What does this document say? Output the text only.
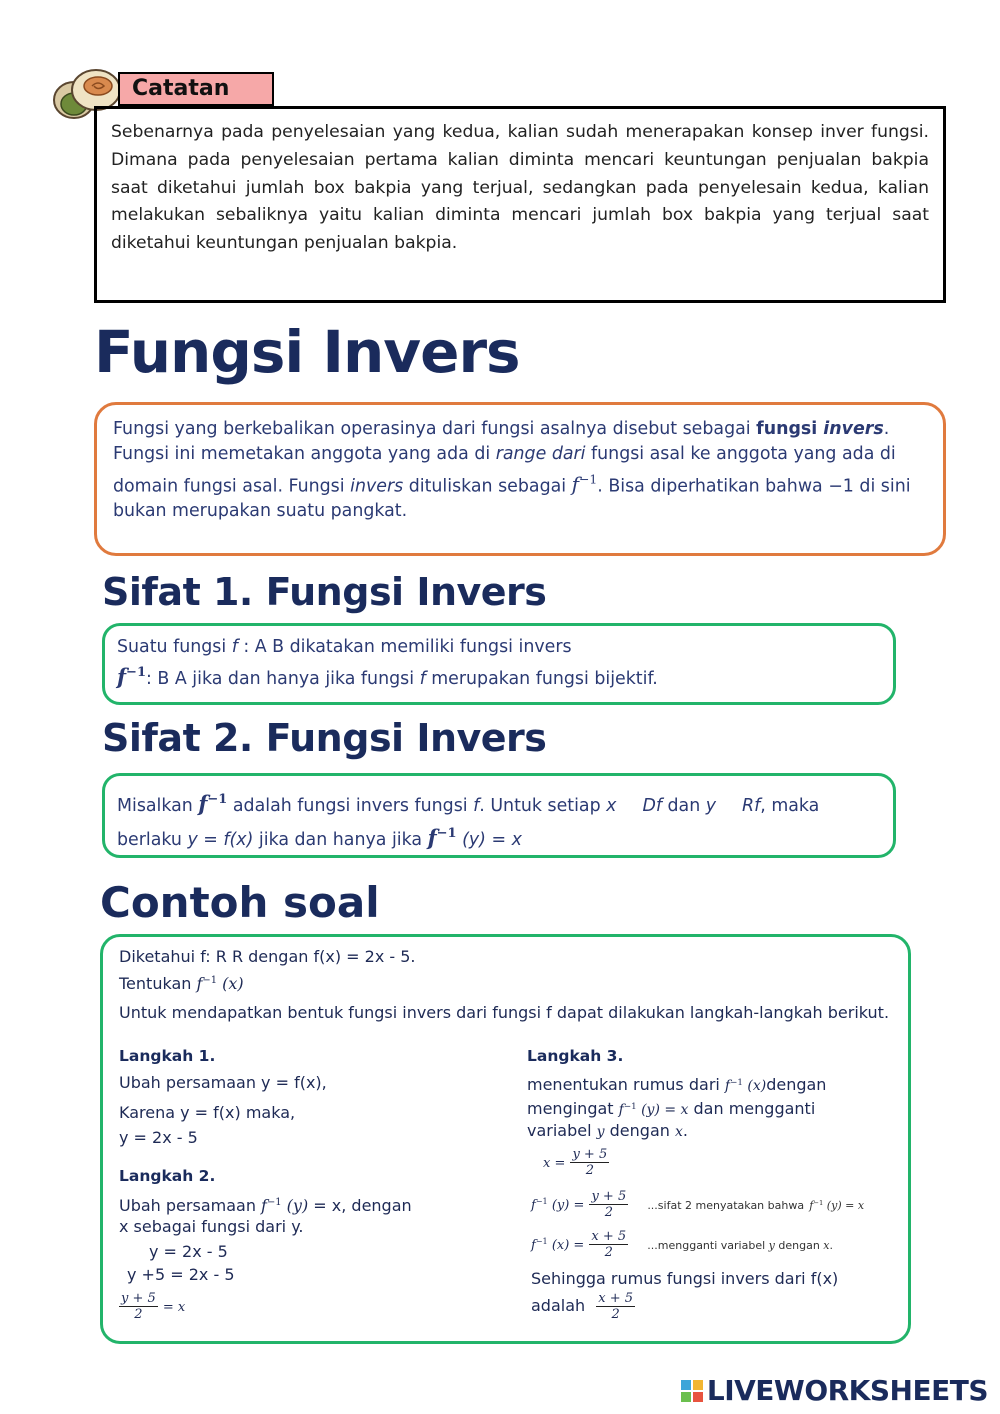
Catatan
Sebenarnya pada penyelesaian yang kedua, kalian sudah menerapakan konsep inver fungsi. Dimana pada penyelesaian pertama kalian diminta mencari keuntungan penjualan bakpia saat diketahui jumlah box bakpia yang terjual, sedangkan pada penyelesain kedua, kalian melakukan sebaliknya yaitu kalian diminta mencari jumlah box bakpia yang terjual saat diketahui keuntungan penjualan bakpia.
Fungsi Invers
Fungsi yang berkebalikan operasinya dari fungsi asalnya disebut sebagai fungsi invers. Fungsi ini memetakan anggota yang ada di range dari fungsi asal ke anggota yang ada di domain fungsi asal. Fungsi invers dituliskan sebagai $f^{-1}$. Bisa diperhatikan bahwa −1 di sini bukan merupakan suatu pangkat.
Sifat 1. Fungsi Invers
Suatu fungsi f : A B dikatakan memiliki fungsi invers
$f^{-1}$: B A jika dan hanya jika fungsi f merupakan fungsi bijektif.
Sifat 2. Fungsi Invers
Misalkan $f^{-1}$ adalah fungsi invers fungsi f. Untuk setiap x Df dan y Rf, maka
berlaku y = f(x) jika dan hanya jika $f^{-1}$ (y) = x
Contoh soal
Diketahui f: R R dengan f(x) = 2x - 5.
Tentukan $f^{-1}$ (x)
Untuk mendapatkan bentuk fungsi invers dari fungsi f dapat dilakukan langkah-langkah berikut.
Langkah 1.
Ubah persamaan y = f(x),
Karena y = f(x) maka,
y = 2x - 5
Langkah 2.
Ubah persamaan $f^{-1}$ (y) = x, dengan
x sebagai fungsi dari y.
y = 2x - 5
y +5 = 2x - 5
$\frac{y + 5}{2} = x$
Langkah 3.
menentukan rumus dari $f^{-1}$ (x)dengan
mengingat $f^{-1}$ (y) = x dan mengganti
variabel y dengan x.
$x = \frac{y + 5}{2}$
$f^{-1}$ $(y) = \frac{y + 5}{2}$ ...sifat 2 menyatakan bahwa $f^{-1}$ (y) = x
$f^{-1}$ $(x) = \frac{x + 5}{2}$ ...mengganti variabel y dengan x.
Sehingga rumus fungsi invers dari f(x)
adalah $\frac{x + 5}{2}$
LIVEWORKSHEETS
